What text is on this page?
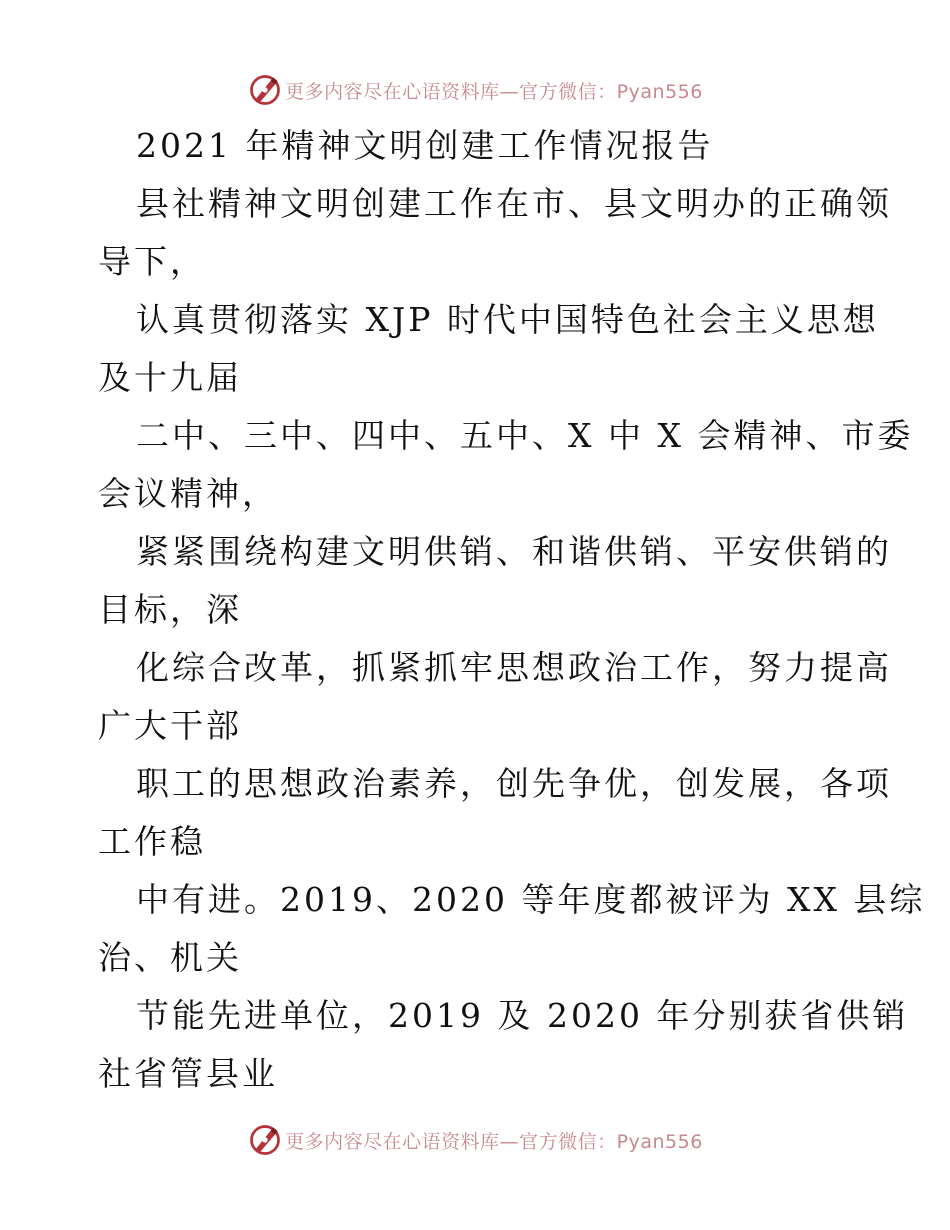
更多内容尽在心语资料库—官方微信：Pyan556
2021 年精神文明创建工作情况报告
县社精神文明创建工作在市、县文明办的正确领
导下，
认真贯彻落实 XJP 时代中国特色社会主义思想
及十九届
二中、三中、四中、五中、X 中 X 会精神、市委
会议精神，
紧紧围绕构建文明供销、和谐供销、平安供销的
目标，深
化综合改革，抓紧抓牢思想政治工作，努力提高
广大干部
职工的思想政治素养，创先争优，创发展，各项
工作稳
中有进。2019、2020 等年度都被评为 XX 县综
治、机关
节能先进单位，2019 及 2020 年分别获省供销
社省管县业
更多内容尽在心语资料库—官方微信：Pyan556
